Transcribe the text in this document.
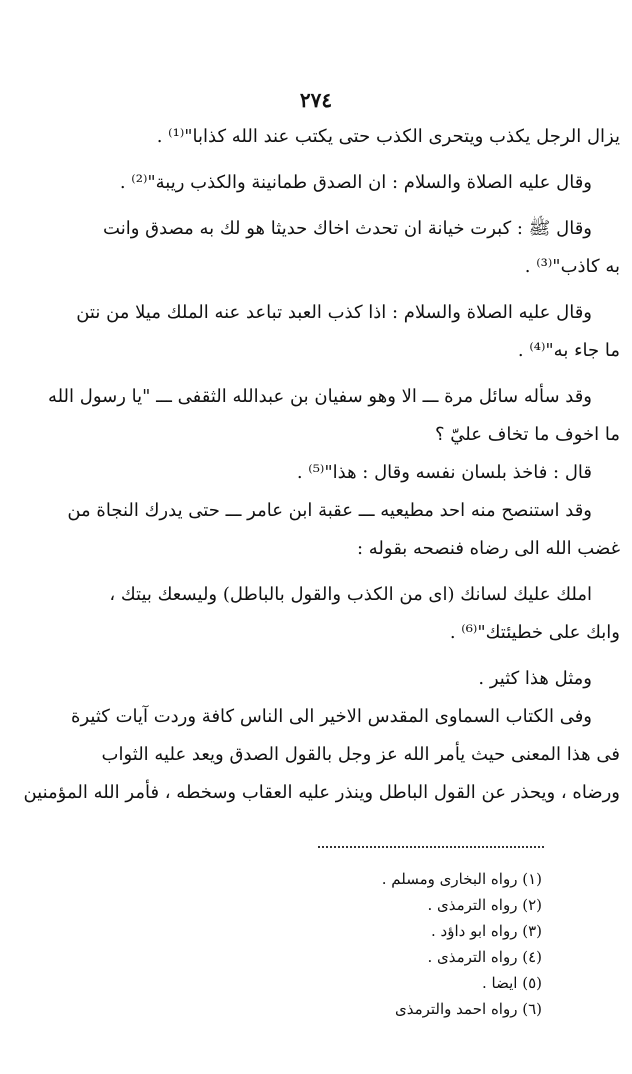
٢٧٤

يزال الرجل يكذب ويتحرى الكذب حتى يكتب عند الله كذابا"⁽¹⁾ .

وقال عليه الصلاة والسلام : ان الصدق طمانينة والكذب ريبة"⁽²⁾ .

وقال ﷺ : كبرت خيانة ان تحدث اخاك حديثا هو لك به مصدق وانت

به كاذب"⁽³⁾ .

وقال عليه الصلاة والسلام : اذا كذب العبد تباعد عنه الملك ميلا من نتن

ما جاء به"⁽⁴⁾ .

وقد سأله سائل مرة ـــ الا وهو سفيان بن عبدالله الثقفى ـــ "يا رسول الله

ما اخوف ما تخاف عليّ ؟

قال : فاخذ بلسان نفسه وقال : هذا"⁽⁵⁾ .

وقد استنصح منه احد مطيعيه ـــ عقبة ابن عامر ـــ حتى يدرك النجاة من

غضب الله الى رضاه فنصحه بقوله :

املك عليك لسانك (اى من الكذب والقول بالباطل) وليسعك بيتك ،

وابك على خطيئتك"⁽⁶⁾ .

ومثل هذا كثير .

وفى الكتاب السماوى المقدس الاخير الى الناس كافة وردت آيات كثيرة

فى هذا المعنى حيث يأمر الله عز وجل بالقول الصدق ويعد عليه الثواب

ورضاه ، ويحذر عن القول الباطل وينذر عليه العقاب وسخطه ، فأمر الله المؤمنين

(١) رواه البخارى ومسلم .

(٢) رواه الترمذى .

(٣) رواه ابو داؤد .

(٤) رواه الترمذى .

(٥) ايضا .

(٦) رواه احمد والترمذى
